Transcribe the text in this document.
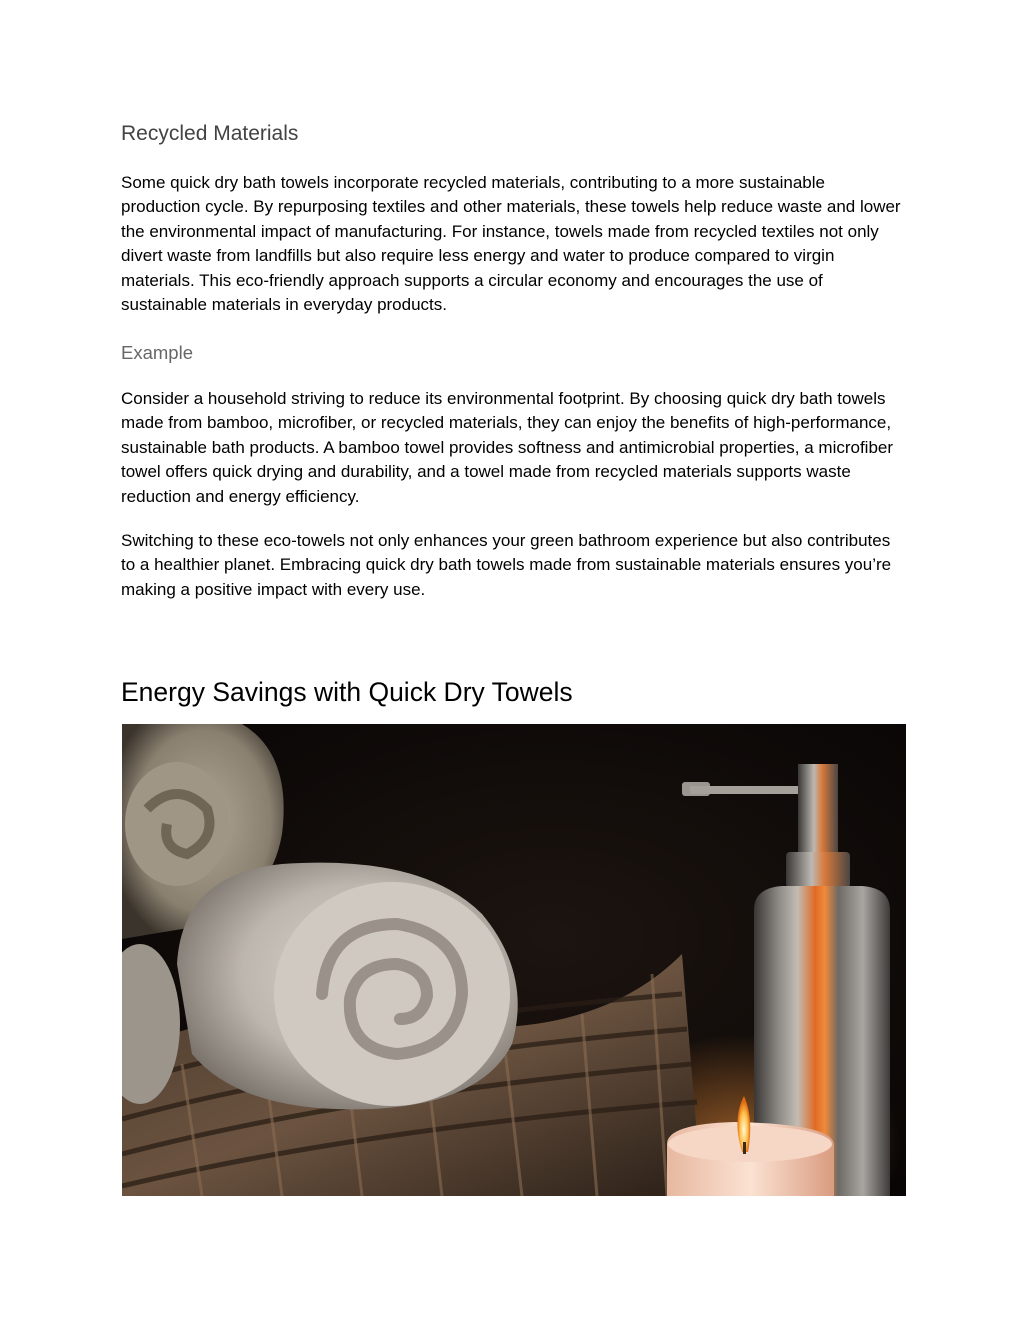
Recycled Materials

Some quick dry bath towels incorporate recycled materials, contributing to a more sustainable production cycle. By repurposing textiles and other materials, these towels help reduce waste and lower the environmental impact of manufacturing. For instance, towels made from recycled textiles not only divert waste from landfills but also require less energy and water to produce compared to virgin materials. This eco-friendly approach supports a circular economy and encourages the use of sustainable materials in everyday products.

Example

Consider a household striving to reduce its environmental footprint. By choosing quick dry bath towels made from bamboo, microfiber, or recycled materials, they can enjoy the benefits of high-performance, sustainable bath products. A bamboo towel provides softness and antimicrobial properties, a microfiber towel offers quick drying and durability, and a towel made from recycled materials supports waste reduction and energy efficiency.

Switching to these eco-towels not only enhances your green bathroom experience but also contributes to a healthier planet. Embracing quick dry bath towels made from sustainable materials ensures you’re making a positive impact with every use.

Energy Savings with Quick Dry Towels
